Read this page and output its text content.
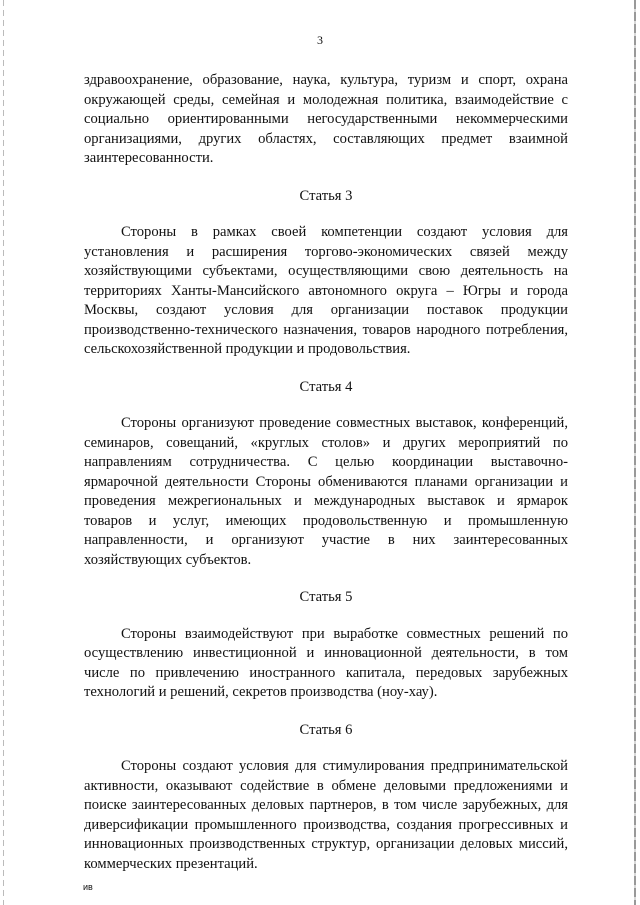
3

здравоохранение, образование, наука, культура, туризм и спорт, охрана окружающей среды, семейная и молодежная политика, взаимодействие с социально ориентированными негосударственными некоммерческими организациями, других областях, составляющих предмет взаимной заинтересованности.

Статья 3

Стороны в рамках своей компетенции создают условия для установления и расширения торгово-экономических связей между хозяйствующими субъектами, осуществляющими свою деятельность на территориях Ханты-Мансийского автономного округа – Югры и города Москвы, создают условия для организации поставок продукции производственно-технического назначения, товаров народного потребления, сельскохозяйственной продукции и продовольствия.

Статья 4

Стороны организуют проведение совместных выставок, конференций, семинаров, совещаний, «круглых столов» и других мероприятий по направлениям сотрудничества. С целью координации выставочно-ярмарочной деятельности Стороны обмениваются планами организации и проведения межрегиональных и международных выставок и ярмарок товаров и услуг, имеющих продовольственную и промышленную направленности, и организуют участие в них заинтересованных хозяйствующих субъектов.

Статья 5

Стороны взаимодействуют при выработке совместных решений по осуществлению инвестиционной и инновационной деятельности, в том числе по привлечению иностранного капитала, передовых зарубежных технологий и решений, секретов производства (ноу-хау).

Статья 6

Стороны создают условия для стимулирования предпринимательской активности, оказывают содействие в обмене деловыми предложениями и поиске заинтересованных деловых партнеров, в том числе зарубежных, для диверсификации промышленного производства, создания прогрессивных и инновационных производственных структур, организации деловых миссий, коммерческих презентаций.

ив
